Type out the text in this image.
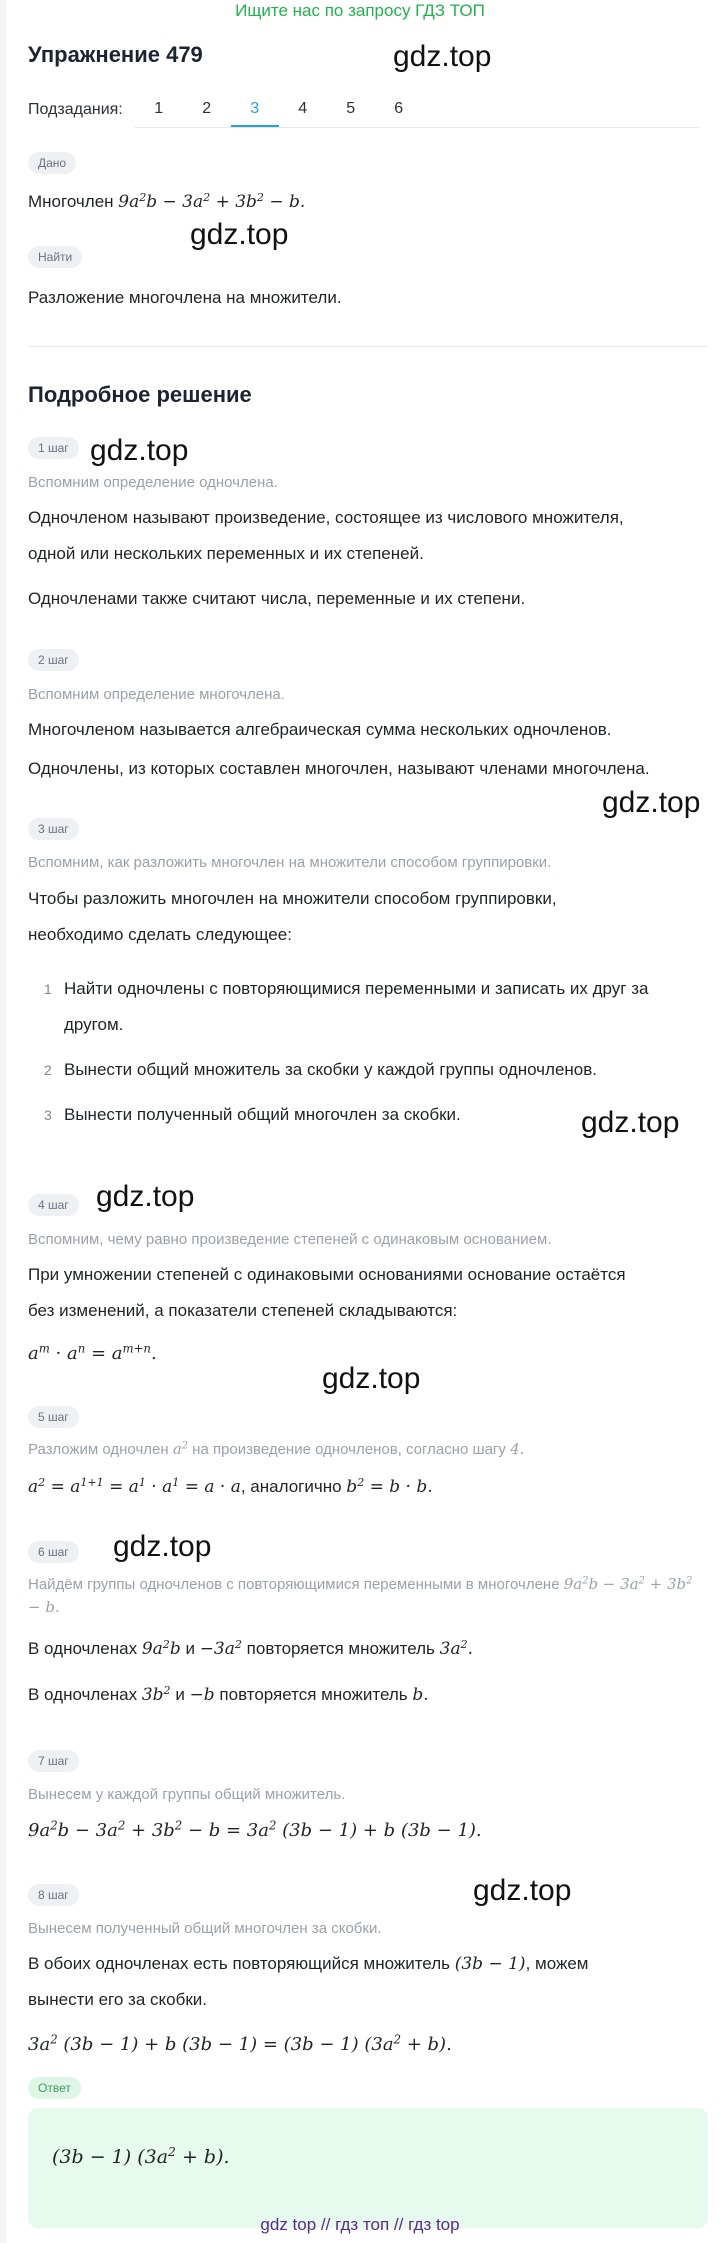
Ищите нас по запросу ГДЗ ТОП
gdz.top
gdz.top
gdz.top
gdz.top
gdz.top
gdz.top
gdz.top
gdz.top
gdz.top
Упражнение 479
Подзадания:	1	2	3	4	5	6
Дано
Многочлен $9a^2b - 3a^2 + 3b^2 - b$.
Найти
Разложение многочлена на множители.
Подробное решение
1 шаг
Вспомним определение одночлена.
Одночленом называют произведение, состоящее из числового множителя,
одной или нескольких переменных и их степеней.
Одночленами также считают числа, переменные и их степени.
2 шаг
Вспомним определение многочлена.
Многочленом называется алгебраическая сумма нескольких одночленов.
Одночлены, из которых составлен многочлен, называют членами многочлена.
3 шаг
Вспомним, как разложить многочлен на множители способом группировки.
Чтобы разложить многочлен на множители способом группировки,
необходимо сделать следующее:
1 Найти одночлены с повторяющимися переменными и записать их друг за
другом.
2 Вынести общий множитель за скобки у каждой группы одночленов.
3 Вынести полученный общий многочлен за скобки.
4 шаг
Вспомним, чему равно произведение степеней с одинаковым основанием.
При умножении степеней с одинаковыми основаниями основание остаётся
без изменений, а показатели степеней складываются:
$a^m \cdot a^n = a^{m+n}$.
5 шаг
Разложим одночлен $a^2$ на произведение одночленов, согласно шагу 4.
$a^2 = a^{1+1} = a^1 \cdot a^1 = a \cdot a$, аналогично $b^2 = b \cdot b$.
6 шаг
Найдём группы одночленов с повторяющимися переменными в многочлене $9a^2b - 3a^2 + 3b^2 - b$.
В одночленах $9a^2b$ $и -3a^2$ повторяется множитель $3a^2$.
В одночленах $3b^2$ и −b повторяется множитель b.
7 шаг
Вынесем у каждой группы общий множитель.
$9a^2b - 3a^2 + 3b^2 - b = 3a^2$ (3b − 1) + b (3b − 1).
8 шаг
Вынесем полученный общий многочлен за скобки.
В обоих одночленах есть повторяющийся множитель (3b − 1), можем
вынести его за скобки.
$3a^2$ (3b − 1) + b (3b − 1) = (3b − 1) $(3a^2 + b)$.
Ответ
(3b − 1) $(3a^2 + b)$.
gdz top // гдз топ // гдз top
